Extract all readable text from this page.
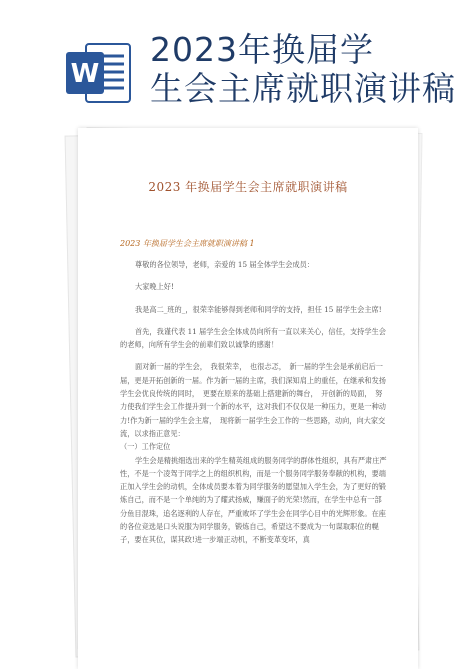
W
2023年换届学
生会主席就职演讲稿
2023 年换届学生会主席就职演讲稿
2023 年换届学生会主席就职演讲稿 1

尊敬的各位领导，老师，亲爱的 15 届全体学生会成员：

大家晚上好!

我是高二_班的_，很荣幸能够得到老师和同学的支持，担任 15 届学生会主席!

首先，我谨代表 11 届学生会全体成员向所有一直以来关心，信任，支持学生会的老师，向所有学生会的前辈们致以诚挚的感谢！

面对新一届的学生会，　我很荣幸，　也很忐忑，　新一届的学生会是承前启后一届，更是开拓创新的一届。作为新一届的主席，我们深知肩上的重任，在继承和发扬学生会优良传统的同时，　更要在原来的基础上搭建新的舞台，　开创新的局面，　努力使我们学生会工作提升到一个新的水平，这对我们不仅仅是一种压力，更是一种动力!作为新一届的学生会主席，　现将新一届学生会工作的一些思路，动向，向大家交流，以求指正意见：

（一）工作定位

学生会是精挑细选出来的学生精英组成的服务同学的群体性组织，具有严肃庄严性，不是一个凌驾于同学之上的组织机构，而是一个服务同学服务奉献的机构，要端正加入学生会的动机，全体成员要本着为同学服务的愿望加入学生会，为了更好的锻炼自己，而不是一个单纯的为了耀武扬威，赚面子的光荣!然而，在学生中总有一部分鱼目混珠，追名逐利的人存在，严重败坏了学生会在同学心目中的光辉形象。在座的各位竞选是口头说服为同学服务，锻炼自己，希望这不要成为一句谋取职位的幌子，要在其位，谋其政!进一步端正动机，不断变革变坏，真
